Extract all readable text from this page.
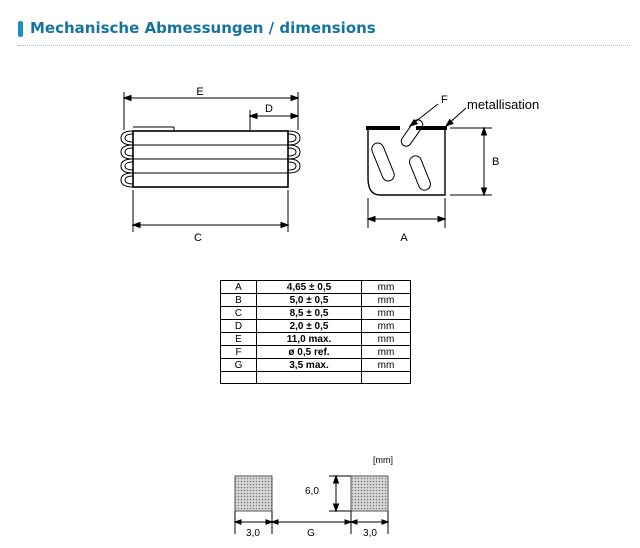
Mechanische Abmessungen / dimensions
E
D
C
F metallisation
B
A
[mm]
6,0
3,0	G	3,0
A	4,65 ± 0,5	mm
B	5,0 ± 0,5	mm
C	8,5 ± 0,5	mm
D	2,0 ± 0,5	mm
E	11,0 max.	mm
F	ø 0,5 ref.	mm
G	3,5 max.	mm
